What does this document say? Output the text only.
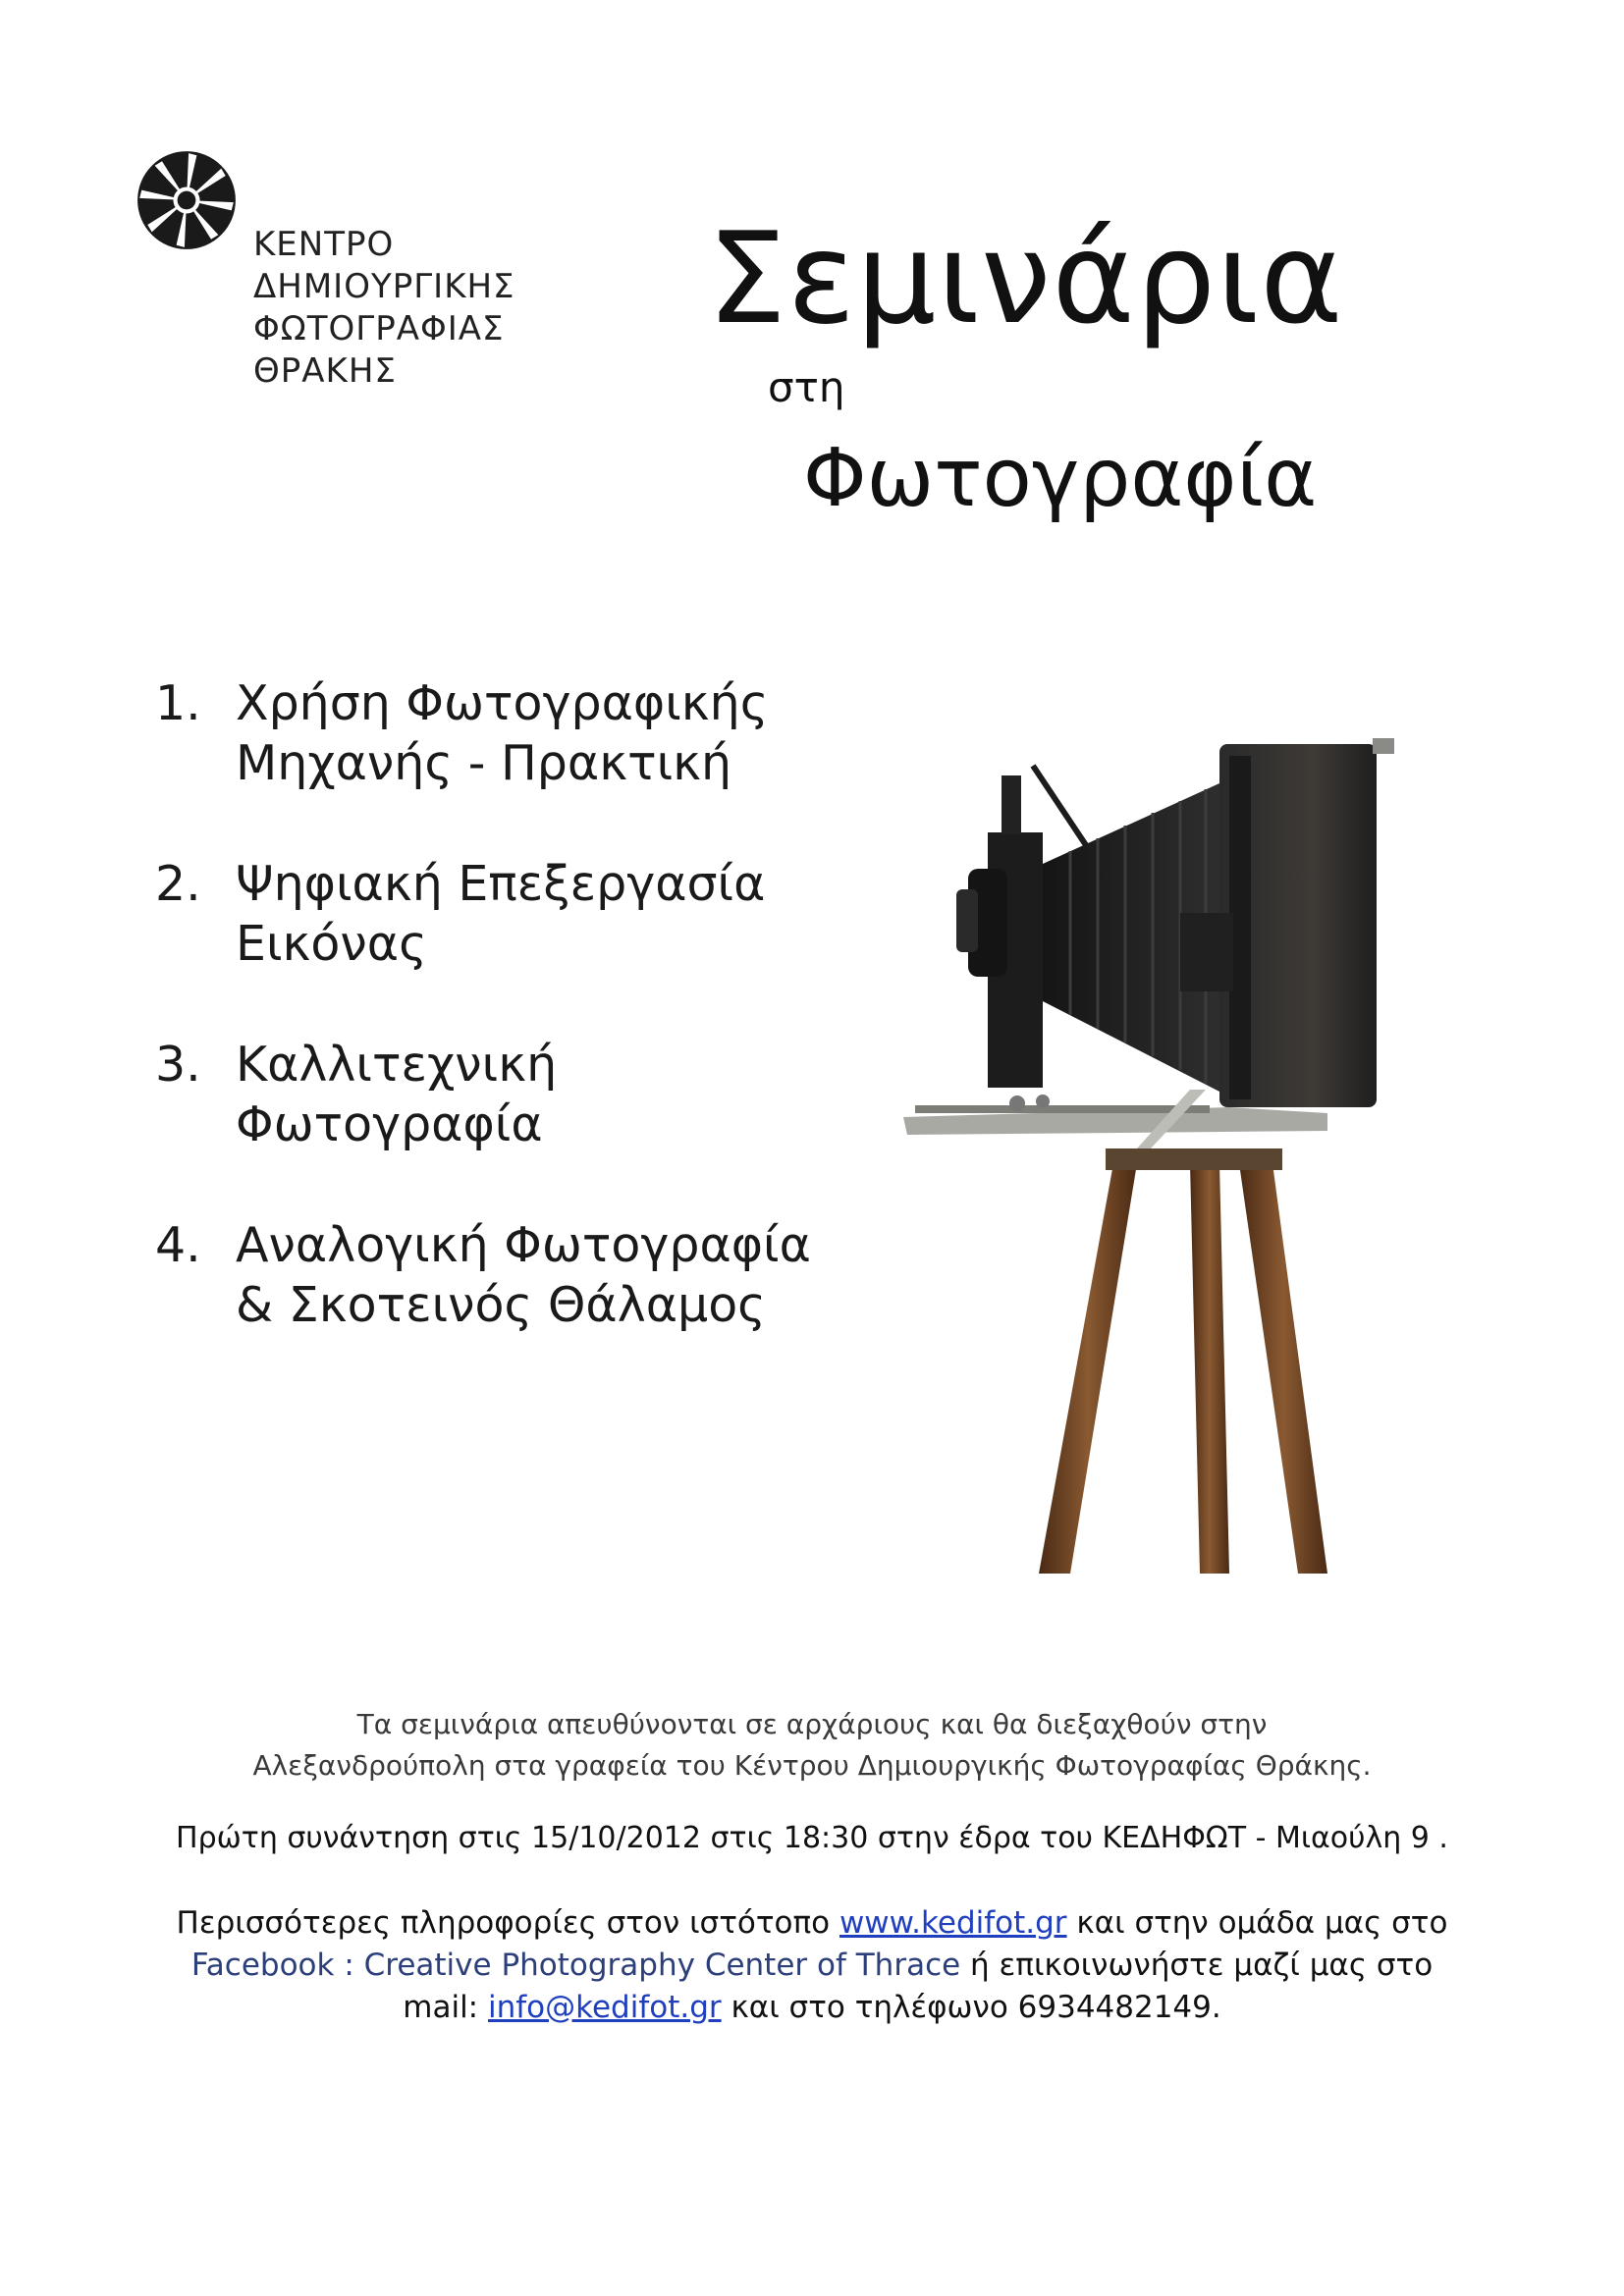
ΚΕΝΤΡΟ
ΔΗΜΙΟΥΡΓΙΚΗΣ
ΦΩΤΟΓΡΑΦΙΑΣ
ΘΡΑΚΗΣ
Σεμινάρια
στη
Φωτογραφία
1. Χρήση Φωτογραφικής
Μηχανής - Πρακτική
2. Ψηφιακή Επεξεργασία
Εικόνας
3. Καλλιτεχνική
Φωτογραφία
4. Αναλογική Φωτογραφία
& Σκοτεινός Θάλαμος
Τα σεμινάρια απευθύνονται σε αρχάριους και θα διεξαχθούν στην
Αλεξανδρούπολη στα γραφεία του Κέντρου Δημιουργικής Φωτογραφίας Θράκης.
Πρώτη συνάντηση στις 15/10/2012 στις 18:30 στην έδρα του ΚΕΔΗΦΩΤ - Μιαούλη 9 .
Περισσότερες πληροφορίες στον ιστότοπο www.kedifot.gr και στην ομάδα μας στο
Facebook : Creative Photography Center of Thrace ή επικοινωνήστε μαζί μας στο
mail: info@kedifot.gr και στο τηλέφωνο 6934482149.
